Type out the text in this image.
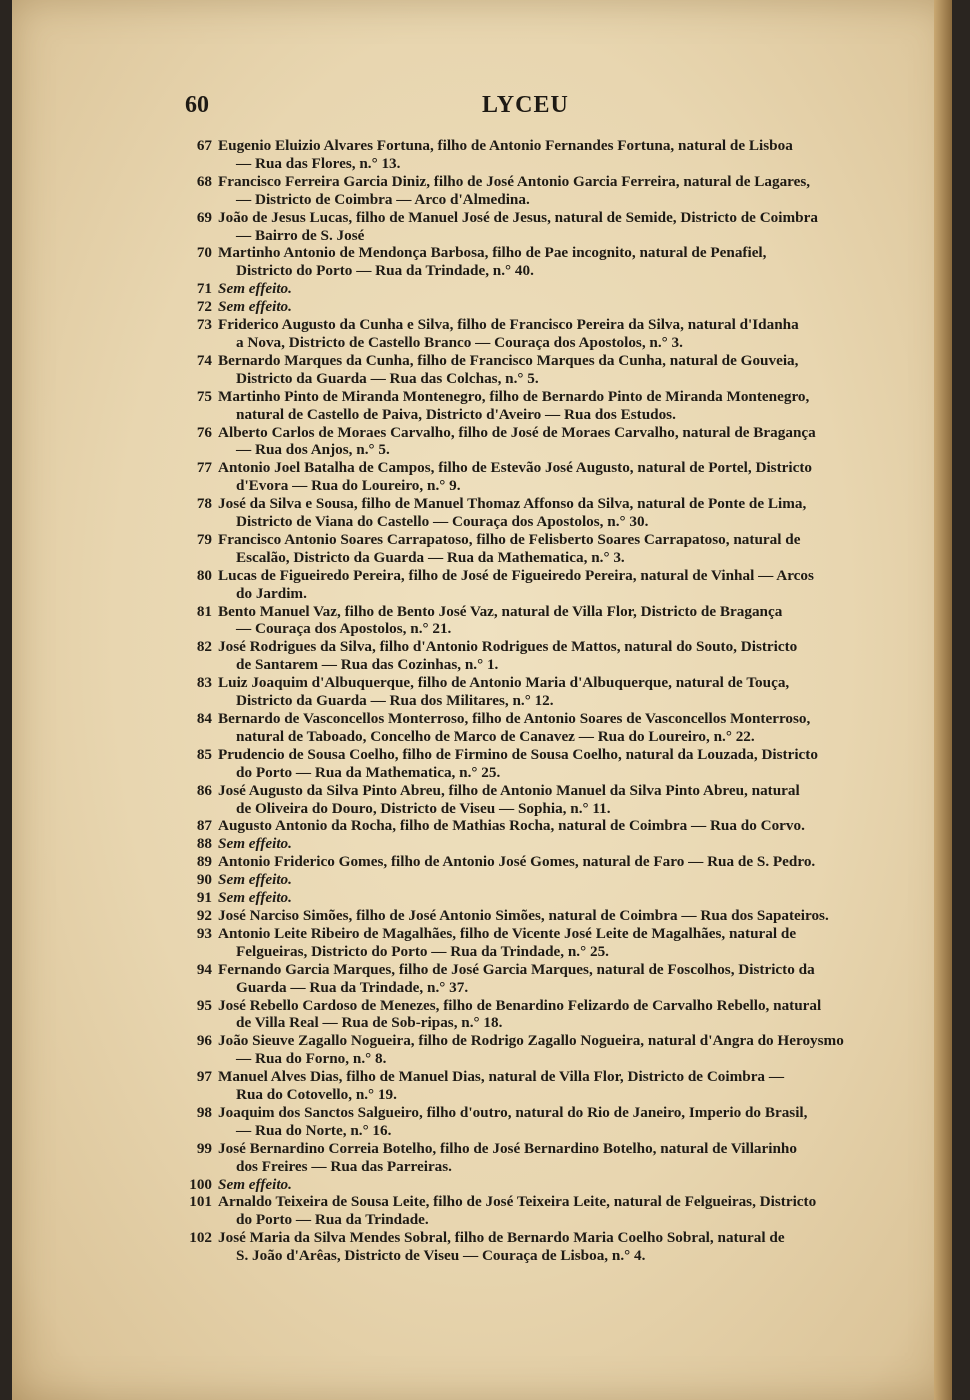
60	LYCEU
67 Eugenio Eluizio Alvares Fortuna, filho de Antonio Fernandes Fortuna, natural de Lisboa

— Rua das Flores, n.° 13.

68 Francisco Ferreira Garcia Diniz, filho de José Antonio Garcia Ferreira, natural de Lagares,

— Districto de Coimbra — Arco d'Almedina.

69 João de Jesus Lucas, filho de Manuel José de Jesus, natural de Semide, Districto de Coimbra

— Bairro de S. José

70 Martinho Antonio de Mendonça Barbosa, filho de Pae incognito, natural de Penafiel,

Districto do Porto — Rua da Trindade, n.° 40.

71 Sem effeito.

72 Sem effeito.

73 Friderico Augusto da Cunha e Silva, filho de Francisco Pereira da Silva, natural d'Idanha

a Nova, Districto de Castello Branco — Couraça dos Apostolos, n.° 3.

74 Bernardo Marques da Cunha, filho de Francisco Marques da Cunha, natural de Gouveia,

Districto da Guarda — Rua das Colchas, n.° 5.

75 Martinho Pinto de Miranda Montenegro, filho de Bernardo Pinto de Miranda Montenegro,

natural de Castello de Paiva, Districto d'Aveiro — Rua dos Estudos.

76 Alberto Carlos de Moraes Carvalho, filho de José de Moraes Carvalho, natural de Bragança

— Rua dos Anjos, n.° 5.

77 Antonio Joel Batalha de Campos, filho de Estevão José Augusto, natural de Portel, Districto

d'Evora — Rua do Loureiro, n.° 9.

78 José da Silva e Sousa, filho de Manuel Thomaz Affonso da Silva, natural de Ponte de Lima,

Districto de Viana do Castello — Couraça dos Apostolos, n.° 30.

79 Francisco Antonio Soares Carrapatoso, filho de Felisberto Soares Carrapatoso, natural de

Escalão, Districto da Guarda — Rua da Mathematica, n.° 3.

80 Lucas de Figueiredo Pereira, filho de José de Figueiredo Pereira, natural de Vinhal — Arcos

do Jardim.

81 Bento Manuel Vaz, filho de Bento José Vaz, natural de Villa Flor, Districto de Bragança

— Couraça dos Apostolos, n.° 21.

82 José Rodrigues da Silva, filho d'Antonio Rodrigues de Mattos, natural do Souto, Districto

de Santarem — Rua das Cozinhas, n.° 1.

83 Luiz Joaquim d'Albuquerque, filho de Antonio Maria d'Albuquerque, natural de Touça,

Districto da Guarda — Rua dos Militares, n.° 12.

84 Bernardo de Vasconcellos Monterroso, filho de Antonio Soares de Vasconcellos Monterroso,

natural de Taboado, Concelho de Marco de Canavez — Rua do Loureiro, n.° 22.

85 Prudencio de Sousa Coelho, filho de Firmino de Sousa Coelho, natural da Louzada, Districto

do Porto — Rua da Mathematica, n.° 25.

86 José Augusto da Silva Pinto Abreu, filho de Antonio Manuel da Silva Pinto Abreu, natural

de Oliveira do Douro, Districto de Viseu — Sophia, n.° 11.

87 Augusto Antonio da Rocha, filho de Mathias Rocha, natural de Coimbra — Rua do Corvo.

88 Sem effeito.

89 Antonio Friderico Gomes, filho de Antonio José Gomes, natural de Faro — Rua de S. Pedro.

90 Sem effeito.

91 Sem effeito.

92 José Narciso Simões, filho de José Antonio Simões, natural de Coimbra — Rua dos Sapateiros.

93 Antonio Leite Ribeiro de Magalhães, filho de Vicente José Leite de Magalhães, natural de

Felgueiras, Districto do Porto — Rua da Trindade, n.° 25.

94 Fernando Garcia Marques, filho de José Garcia Marques, natural de Foscolhos, Districto da

Guarda — Rua da Trindade, n.° 37.

95 José Rebello Cardoso de Menezes, filho de Benardino Felizardo de Carvalho Rebello, natural

de Villa Real — Rua de Sob-ripas, n.° 18.

96 João Sieuve Zagallo Nogueira, filho de Rodrigo Zagallo Nogueira, natural d'Angra do Heroysmo

— Rua do Forno, n.° 8.

97 Manuel Alves Dias, filho de Manuel Dias, natural de Villa Flor, Districto de Coimbra —

Rua do Cotovello, n.° 19.

98 Joaquim dos Sanctos Salgueiro, filho d'outro, natural do Rio de Janeiro, Imperio do Brasil,

— Rua do Norte, n.° 16.

99 José Bernardino Correia Botelho, filho de José Bernardino Botelho, natural de Villarinho

dos Freires — Rua das Parreiras.

100 Sem effeito.

101 Arnaldo Teixeira de Sousa Leite, filho de José Teixeira Leite, natural de Felgueiras, Districto

do Porto — Rua da Trindade.

102 José Maria da Silva Mendes Sobral, filho de Bernardo Maria Coelho Sobral, natural de

S. João d'Arêas, Districto de Viseu — Couraça de Lisboa, n.° 4.
